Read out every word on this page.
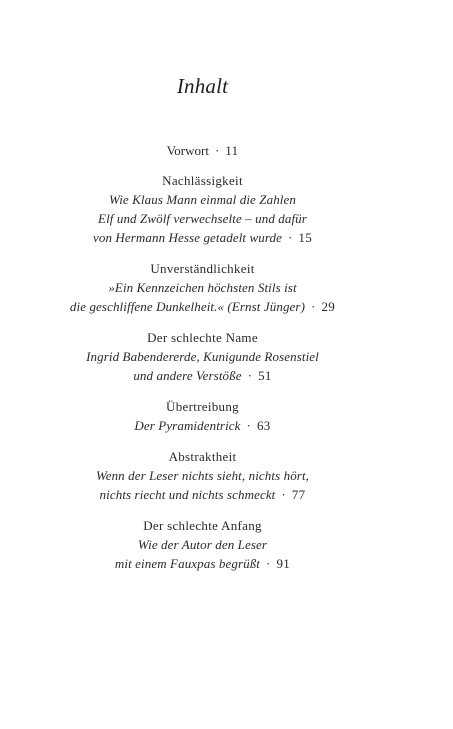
Inhalt
Vorwort · 11
Nachlässigkeit
Wie Klaus Mann einmal die Zahlen
Elf und Zwölf verwechselte – und dafür
von Hermann Hesse getadelt wurde · 15
Unverständlichkeit
»Ein Kennzeichen höchsten Stils ist
die geschliffene Dunkelheit.« (Ernst Jünger) · 29
Der schlechte Name
Ingrid Babendererde, Kunigunde Rosenstiel
und andere Verstöße · 51
Übertreibung
Der Pyramidentrick · 63
Abstraktheit
Wenn der Leser nichts sieht, nichts hört,
nichts riecht und nichts schmeckt · 77
Der schlechte Anfang
Wie der Autor den Leser
mit einem Fauxpas begrüßt · 91
